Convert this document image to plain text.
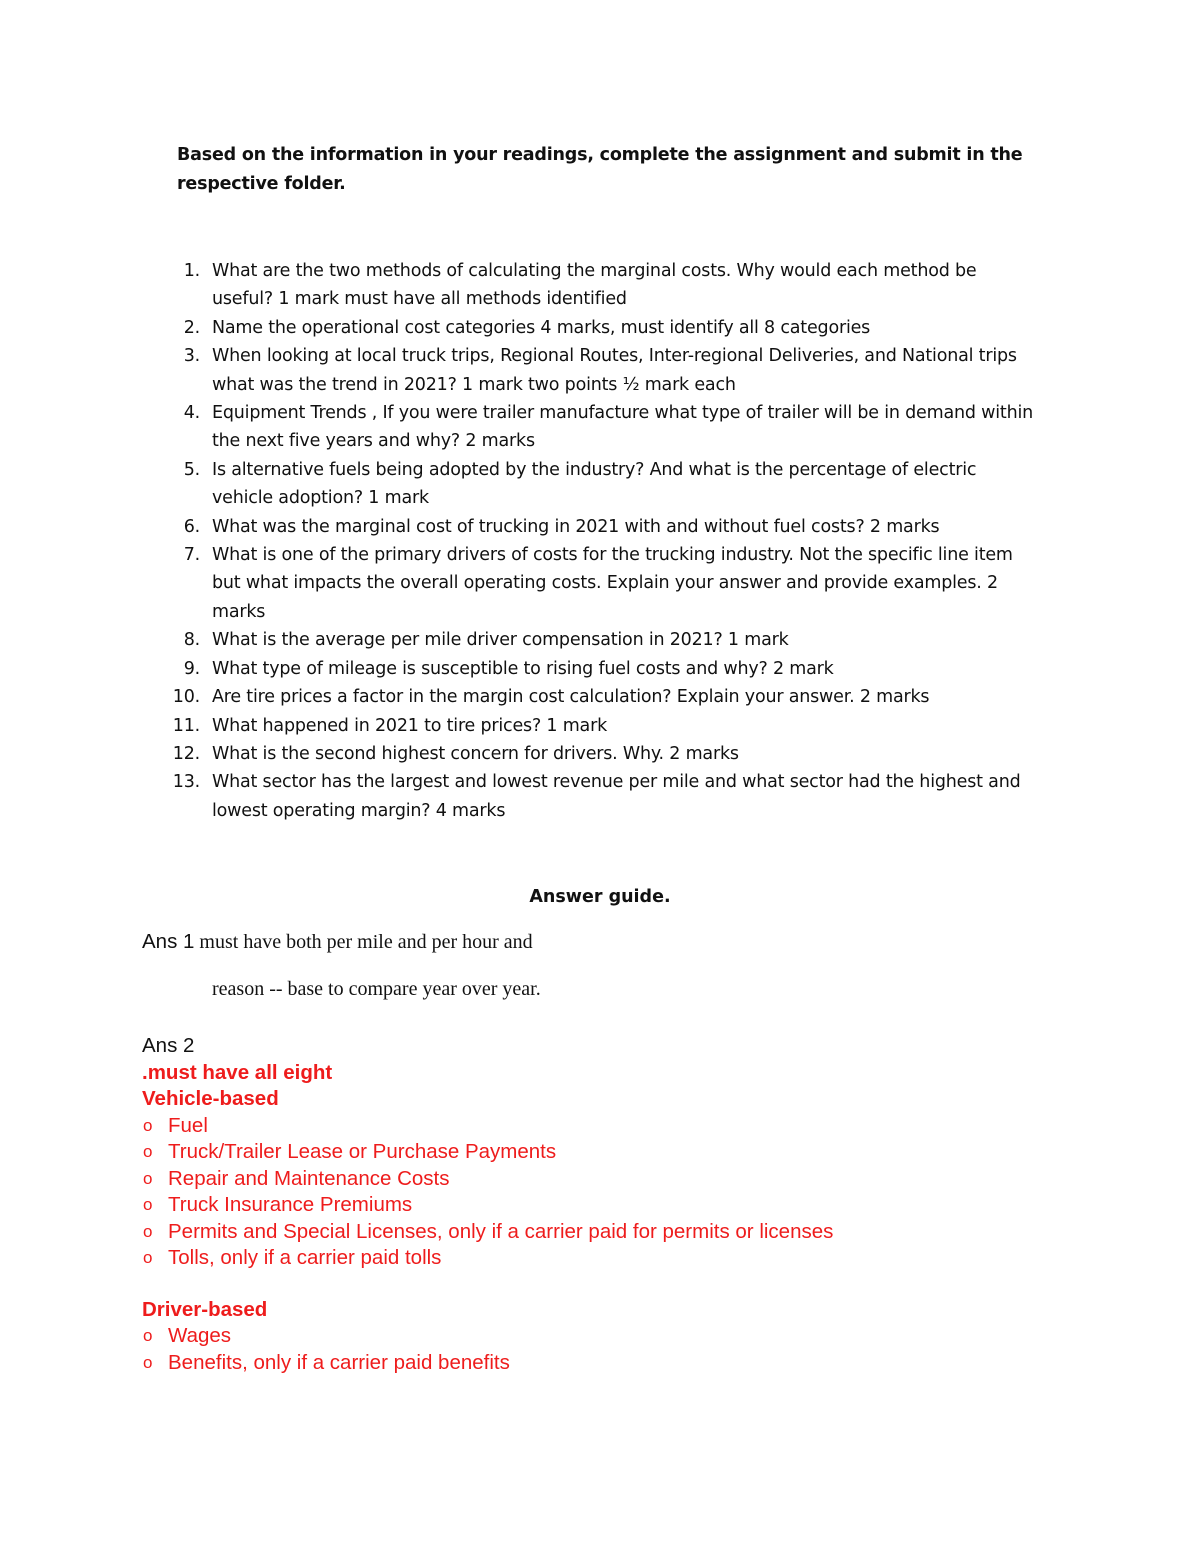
Based on the information in your readings, complete the assignment and submit in the respective folder.
1. What are the two methods of calculating the marginal costs. Why would each method be useful? 1 mark must have all methods identified
2. Name the operational cost categories 4 marks, must identify all 8 categories
3. When looking at local truck trips, Regional Routes, Inter-regional Deliveries, and National trips what was the trend in 2021? 1 mark two points ½ mark each
4. Equipment Trends , If you were trailer manufacture what type of trailer will be in demand within the next five years and why? 2 marks
5. Is alternative fuels being adopted by the industry? And what is the percentage of electric vehicle adoption? 1 mark
6. What was the marginal cost of trucking in 2021 with and without fuel costs? 2 marks
7. What is one of the primary drivers of costs for the trucking industry. Not the specific line item but what impacts the overall operating costs. Explain your answer and provide examples. 2 marks
8. What is the average per mile driver compensation in 2021? 1 mark
9. What type of mileage is susceptible to rising fuel costs and why? 2 mark
10. Are tire prices a factor in the margin cost calculation? Explain your answer. 2 marks
11. What happened in 2021 to tire prices? 1 mark
12. What is the second highest concern for drivers. Why. 2 marks
13. What sector has the largest and lowest revenue per mile and what sector had the highest and lowest operating margin? 4 marks
Answer guide.
Ans 1 must have both per mile and per hour and
reason -- base to compare year over year.
Ans 2
.must have all eight
Vehicle-based
o Fuel
o Truck/Trailer Lease or Purchase Payments
o Repair and Maintenance Costs
o Truck Insurance Premiums
o Permits and Special Licenses, only if a carrier paid for permits or licenses
o Tolls, only if a carrier paid tolls
Driver-based
o Wages
o Benefits, only if a carrier paid benefits
